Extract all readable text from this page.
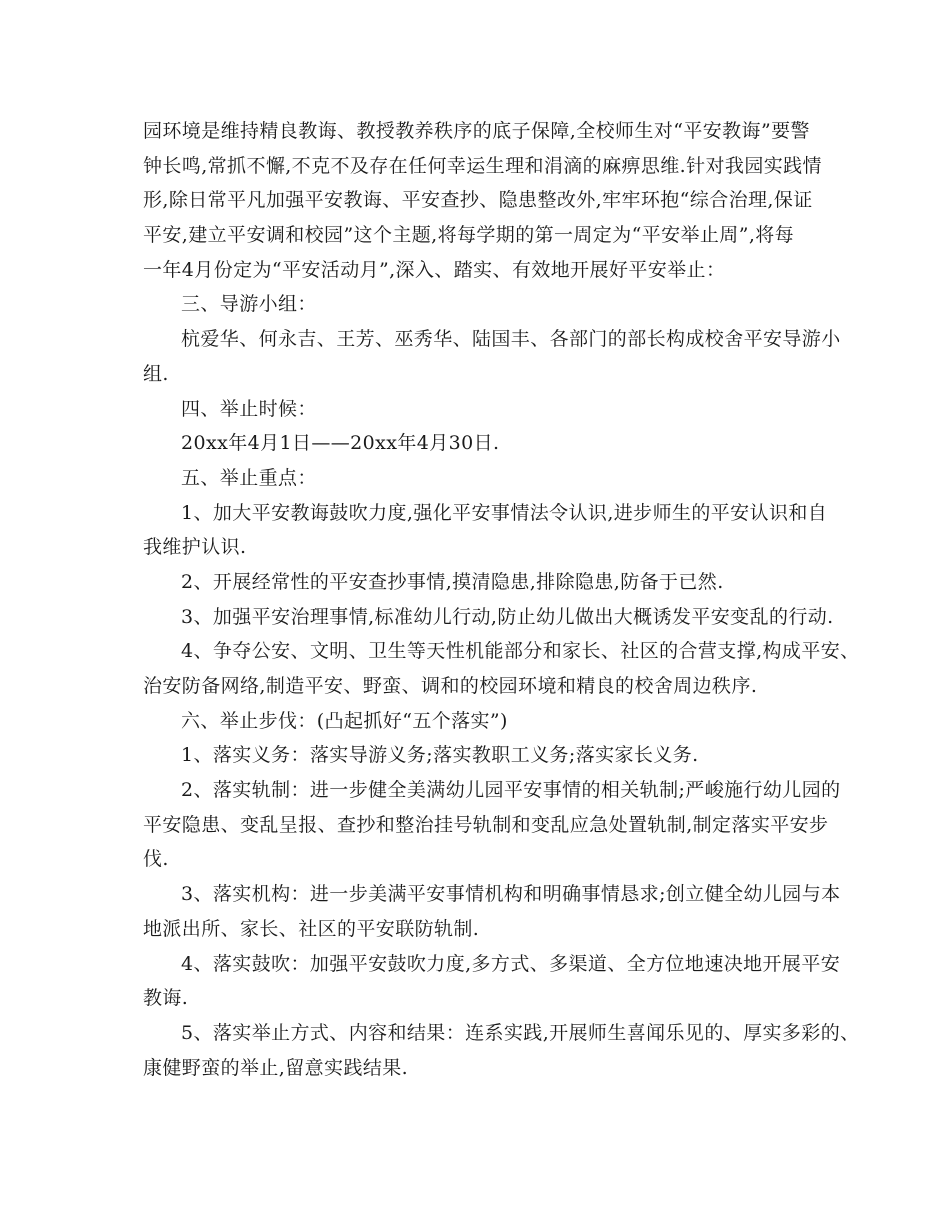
园环境是维持精良教诲、教授教养秩序的底子保障,全校师生对“平安教诲”要警
钟长鸣,常抓不懈,不克不及存在任何幸运生理和涓滴的麻痹思维.针对我园实践情
形,除日常平凡加强平安教诲、平安查抄、隐患整改外,牢牢环抱“综合治理,保证
平安,建立平安调和校园”这个主题,将每学期的第一周定为“平安举止周”,将每
一年4月份定为“平安活动月”,深入、踏实、有效地开展好平安举止：
三、导游小组：
杭爱华、何永吉、王芳、巫秀华、陆国丰、各部门的部长构成校舍平安导游小
组.
四、举止时候：
20xx年4月1日——20xx年4月30日.
五、举止重点：
1、加大平安教诲鼓吹力度,强化平安事情法令认识,进步师生的平安认识和自
我维护认识.
2、开展经常性的平安查抄事情,摸清隐患,排除隐患,防备于已然.
3、加强平安治理事情,标准幼儿行动,防止幼儿做出大概诱发平安变乱的行动.
4、争夺公安、文明、卫生等天性机能部分和家长、社区的合营支撑,构成平安、
治安防备网络,制造平安、野蛮、调和的校园环境和精良的校舍周边秩序.
六、举止步伐：(凸起抓好“五个落实”)
1、落实义务：落实导游义务;落实教职工义务;落实家长义务.
2、落实轨制：进一步健全美满幼儿园平安事情的相关轨制;严峻施行幼儿园的
平安隐患、变乱呈报、查抄和整治挂号轨制和变乱应急处置轨制,制定落实平安步
伐.
3、落实机构：进一步美满平安事情机构和明确事情恳求;创立健全幼儿园与本
地派出所、家长、社区的平安联防轨制.
4、落实鼓吹：加强平安鼓吹力度,多方式、多渠道、全方位地速决地开展平安
教诲.
5、落实举止方式、内容和结果：连系实践,开展师生喜闻乐见的、厚实多彩的、
康健野蛮的举止,留意实践结果.
